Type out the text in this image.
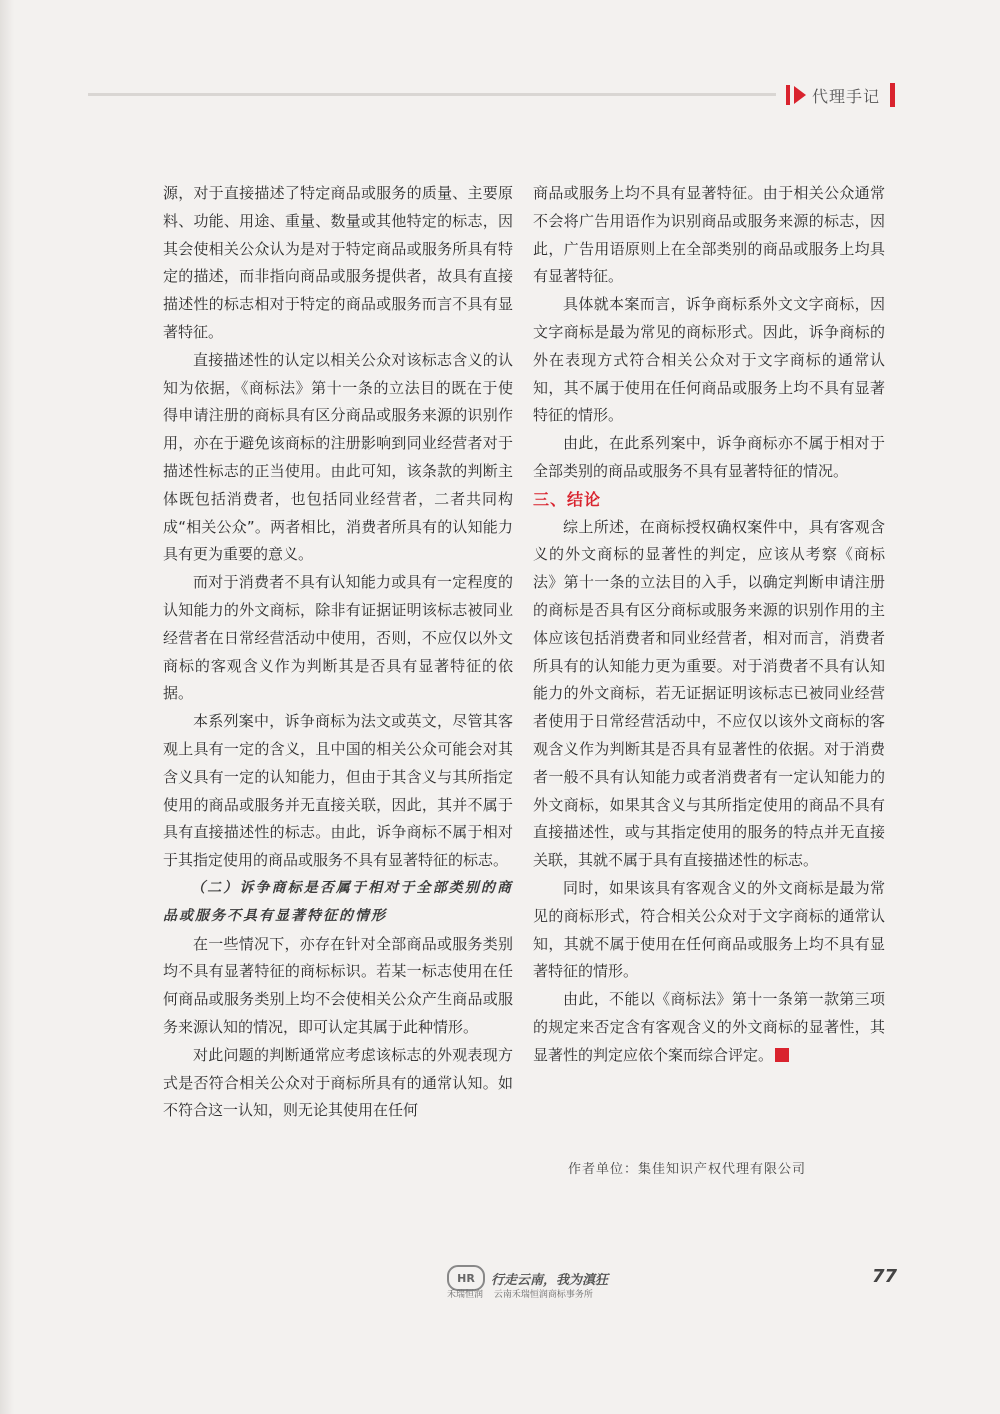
代理手记

源，对于直接描述了特定商品或服务的质量、主要原料、功能、用途、重量、数量或其他特定的标志，因其会使相关公众认为是对于特定商品或服务所具有特定的描述，而非指向商品或服务提供者，故具有直接描述性的标志相对于特定的商品或服务而言不具有显著特征。

直接描述性的认定以相关公众对该标志含义的认知为依据，《商标法》第十一条的立法目的既在于使得申请注册的商标具有区分商品或服务来源的识别作用，亦在于避免该商标的注册影响到同业经营者对于描述性标志的正当使用。由此可知，该条款的判断主体既包括消费者，也包括同业经营者，二者共同构成“相关公众”。两者相比，消费者所具有的认知能力具有更为重要的意义。

而对于消费者不具有认知能力或具有一定程度的认知能力的外文商标，除非有证据证明该标志被同业经营者在日常经营活动中使用，否则，不应仅以外文商标的客观含义作为判断其是否具有显著特征的依据。

本系列案中，诉争商标为法文或英文，尽管其客观上具有一定的含义，且中国的相关公众可能会对其含义具有一定的认知能力，但由于其含义与其所指定使用的商品或服务并无直接关联，因此，其并不属于具有直接描述性的标志。由此，诉争商标不属于相对于其指定使用的商品或服务不具有显著特征的标志。

（二）诉争商标是否属于相对于全部类别的商品或服务不具有显著特征的情形

在一些情况下，亦存在针对全部商品或服务类别均不具有显著特征的商标标识。若某一标志使用在任何商品或服务类别上均不会使相关公众产生商品或服务来源认知的情况，即可认定其属于此种情形。

对此问题的判断通常应考虑该标志的外观表现方式是否符合相关公众对于商标所具有的通常认知。如不符合这一认知，则无论其使用在任何

商品或服务上均不具有显著特征。由于相关公众通常不会将广告用语作为识别商品或服务来源的标志，因此，广告用语原则上在全部类别的商品或服务上均具有显著特征。

具体就本案而言，诉争商标系外文文字商标，因文字商标是最为常见的商标形式。因此，诉争商标的外在表现方式符合相关公众对于文字商标的通常认知，其不属于使用在任何商品或服务上均不具有显著特征的情形。

由此，在此系列案中，诉争商标亦不属于相对于全部类别的商品或服务不具有显著特征的情况。

三、结论

综上所述，在商标授权确权案件中，具有客观含义的外文商标的显著性的判定，应该从考察《商标法》第十一条的立法目的入手，以确定判断申请注册的商标是否具有区分商标或服务来源的识别作用的主体应该包括消费者和同业经营者，相对而言，消费者所具有的认知能力更为重要。对于消费者不具有认知能力的外文商标，若无证据证明该标志已被同业经营者使用于日常经营活动中，不应仅以该外文商标的客观含义作为判断其是否具有显著性的依据。对于消费者一般不具有认知能力或者消费者有一定认知能力的外文商标，如果其含义与其所指定使用的商品不具有直接描述性，或与其指定使用的服务的特点并无直接关联，其就不属于具有直接描述性的标志。

同时，如果该具有客观含义的外文商标是最为常见的商标形式，符合相关公众对于文字商标的通常认知，其就不属于使用在任何商品或服务上均不具有显著特征的情形。

由此，不能以《商标法》第十一条第一款第三项的规定来否定含有客观含义的外文商标的显著性，其显著性的判定应依个案而综合评定。

作者单位：集佳知识产权代理有限公司
HR	行走云南，我为滇狂
禾瑞恒润 云南禾瑞恒润商标事务所
77
